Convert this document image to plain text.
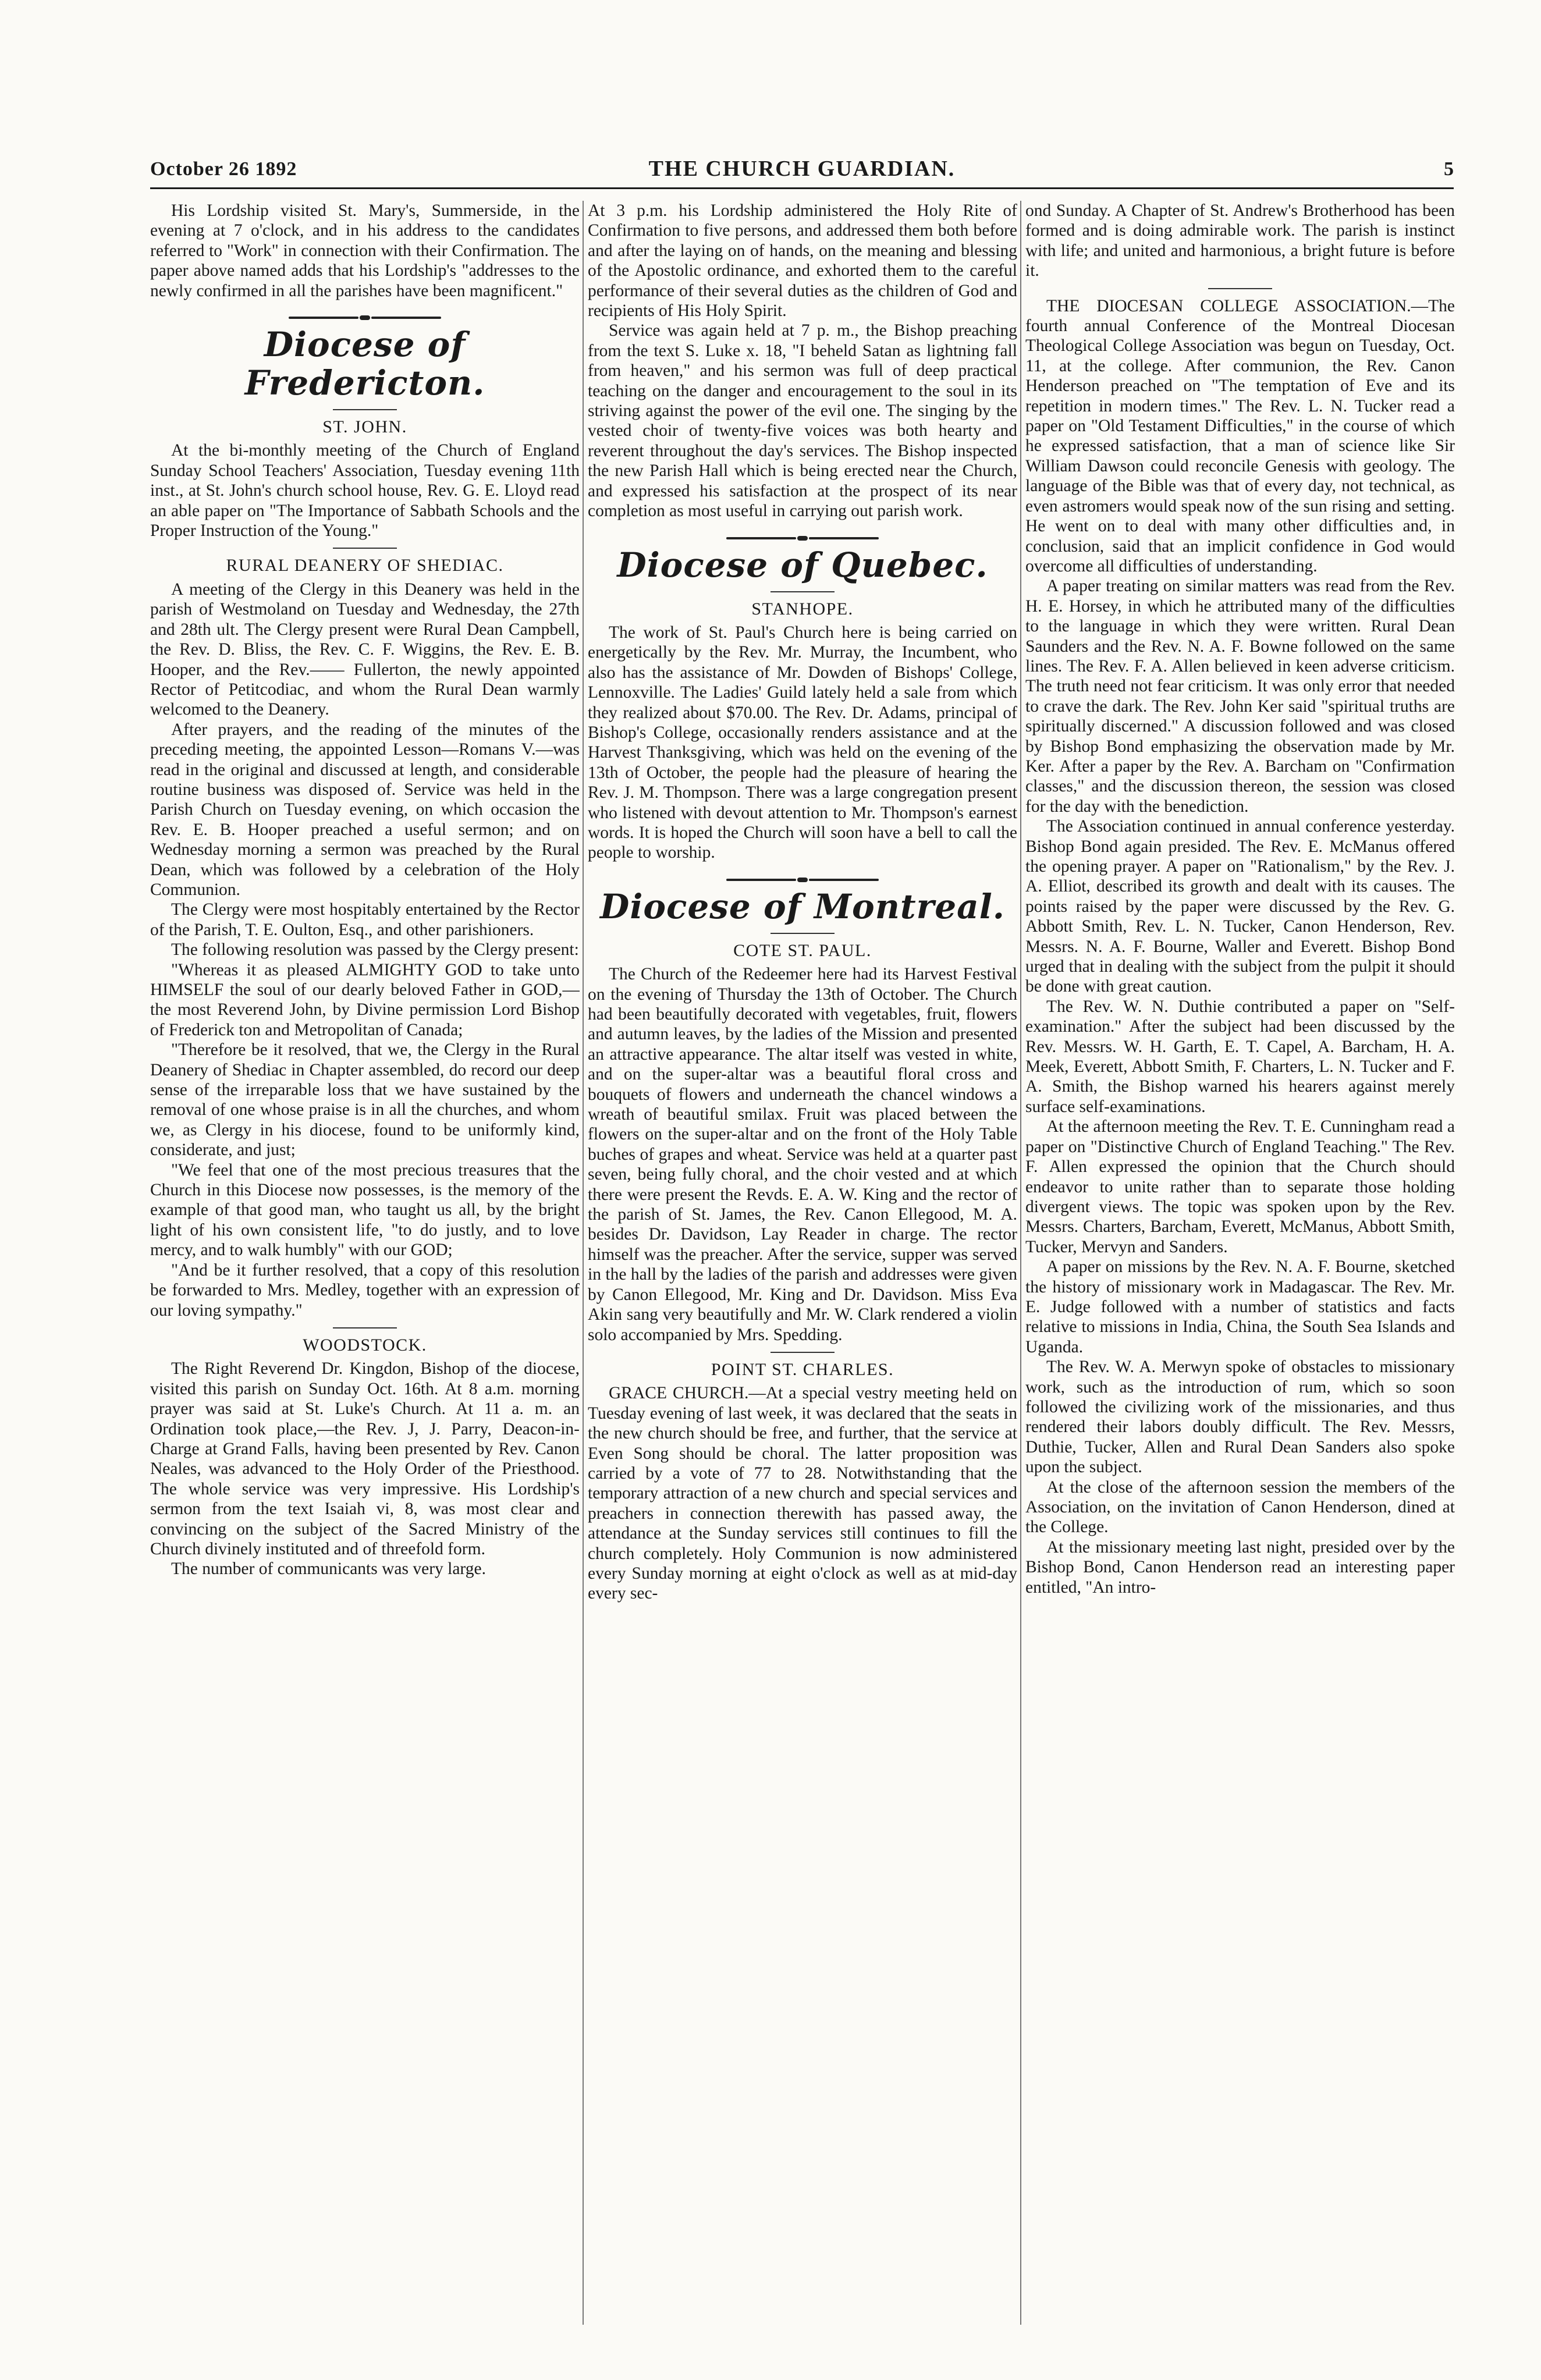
October 26 1892	THE CHURCH GUARDIAN.	5

His Lordship visited St. Mary's, Summerside, in the evening at 7 o'clock, and in his address to the candidates referred to "Work" in connection with their Confirmation. The paper above named adds that his Lordship's "addresses to the newly confirmed in all the parishes have been magnificent."

Diocese of Fredericton.
ST. JOHN.

At the bi-monthly meeting of the Church of England Sunday School Teachers' Association, Tuesday evening 11th inst., at St. John's church school house, Rev. G. E. Lloyd read an able paper on "The Importance of Sabbath Schools and the Proper Instruction of the Young."

RURAL DEANERY OF SHEDIAC.

A meeting of the Clergy in this Deanery was held in the parish of Westmoland on Tuesday and Wednesday, the 27th and 28th ult. The Clergy present were Rural Dean Campbell, the Rev. D. Bliss, the Rev. C. F. Wiggins, the Rev. E. B. Hooper, and the Rev.—— Fullerton, the newly appointed Rector of Petitcodiac, and whom the Rural Dean warmly welcomed to the Deanery.

After prayers, and the reading of the minutes of the preceding meeting, the appointed Lesson—Romans V.—was read in the original and discussed at length, and considerable routine business was disposed of. Service was held in the Parish Church on Tuesday evening, on which occasion the Rev. E. B. Hooper preached a useful sermon; and on Wednesday morning a sermon was preached by the Rural Dean, which was followed by a celebration of the Holy Communion.

The Clergy were most hospitably entertained by the Rector of the Parish, T. E. Oulton, Esq., and other parishioners.

The following resolution was passed by the Clergy present:

"Whereas it as pleased ALMIGHTY GOD to take unto HIMSELF the soul of our dearly beloved Father in GOD,—the most Reverend John, by Divine permission Lord Bishop of Frederick ton and Metropolitan of Canada;

"Therefore be it resolved, that we, the Clergy in the Rural Deanery of Shediac in Chapter assembled, do record our deep sense of the irreparable loss that we have sustained by the removal of one whose praise is in all the churches, and whom we, as Clergy in his diocese, found to be uniformly kind, considerate, and just;

"We feel that one of the most precious treasures that the Church in this Diocese now possesses, is the memory of the example of that good man, who taught us all, by the bright light of his own consistent life, "to do justly, and to love mercy, and to walk humbly" with our GOD;

"And be it further resolved, that a copy of this resolution be forwarded to Mrs. Medley, together with an expression of our loving sympathy."

WOODSTOCK.

The Right Reverend Dr. Kingdon, Bishop of the diocese, visited this parish on Sunday Oct. 16th. At 8 a.m. morning prayer was said at St. Luke's Church. At 11 a. m. an Ordination took place,—the Rev. J, J. Parry, Deacon-in-Charge at Grand Falls, having been presented by Rev. Canon Neales, was advanced to the Holy Order of the Priesthood. The whole service was very impressive. His Lordship's sermon from the text Isaiah vi, 8, was most clear and convincing on the subject of the Sacred Ministry of the Church divinely instituted and of threefold form.

The number of communicants was very large.

At 3 p.m. his Lordship administered the Holy Rite of Confirmation to five persons, and addressed them both before and after the laying on of hands, on the meaning and blessing of the Apostolic ordinance, and exhorted them to the careful performance of their several duties as the children of God and recipients of His Holy Spirit.

Service was again held at 7 p. m., the Bishop preaching from the text S. Luke x. 18, "I beheld Satan as lightning fall from heaven," and his sermon was full of deep practical teaching on the danger and encouragement to the soul in its striving against the power of the evil one. The singing by the vested choir of twenty-five voices was both hearty and reverent throughout the day's services. The Bishop inspected the new Parish Hall which is being erected near the Church, and expressed his satisfaction at the prospect of its near completion as most useful in carrying out parish work.

Diocese of Quebec.
STANHOPE.

The work of St. Paul's Church here is being carried on energetically by the Rev. Mr. Murray, the Incumbent, who also has the assistance of Mr. Dowden of Bishops' College, Lennoxville. The Ladies' Guild lately held a sale from which they realized about $70.00. The Rev. Dr. Adams, principal of Bishop's College, occasionally renders assistance and at the Harvest Thanksgiving, which was held on the evening of the 13th of October, the people had the pleasure of hearing the Rev. J. M. Thompson. There was a large congregation present who listened with devout attention to Mr. Thompson's earnest words. It is hoped the Church will soon have a bell to call the people to worship.

Diocese of Montreal.
COTE ST. PAUL.

The Church of the Redeemer here had its Harvest Festival on the evening of Thursday the 13th of October. The Church had been beautifully decorated with vegetables, fruit, flowers and autumn leaves, by the ladies of the Mission and presented an attractive appearance. The altar itself was vested in white, and on the super-altar was a beautiful floral cross and bouquets of flowers and underneath the chancel windows a wreath of beautiful smilax. Fruit was placed between the flowers on the super-altar and on the front of the Holy Table buches of grapes and wheat. Service was held at a quarter past seven, being fully choral, and the choir vested and at which there were present the Revds. E. A. W. King and the rector of the parish of St. James, the Rev. Canon Ellegood, M. A. besides Dr. Davidson, Lay Reader in charge. The rector himself was the preacher. After the service, supper was served in the hall by the ladies of the parish and addresses were given by Canon Ellegood, Mr. King and Dr. Davidson. Miss Eva Akin sang very beautifully and Mr. W. Clark rendered a violin solo accompanied by Mrs. Spedding.

POINT ST. CHARLES.

GRACE CHURCH.—At a special vestry meeting held on Tuesday evening of last week, it was declared that the seats in the new church should be free, and further, that the service at Even Song should be choral. The latter proposition was carried by a vote of 77 to 28. Notwithstanding that the temporary attraction of a new church and special services and preachers in connection therewith has passed away, the attendance at the Sunday services still continues to fill the church completely. Holy Communion is now administered every Sunday morning at eight o'clock as well as at mid-day every sec-

ond Sunday. A Chapter of St. Andrew's Brotherhood has been formed and is doing admirable work. The parish is instinct with life; and united and harmonious, a bright future is before it.

THE DIOCESAN COLLEGE ASSOCIATION.—The fourth annual Conference of the Montreal Diocesan Theological College Association was begun on Tuesday, Oct. 11, at the college. After communion, the Rev. Canon Henderson preached on "The temptation of Eve and its repetition in modern times." The Rev. L. N. Tucker read a paper on "Old Testament Difficulties," in the course of which he expressed satisfaction, that a man of science like Sir William Dawson could reconcile Genesis with geology. The language of the Bible was that of every day, not technical, as even astromers would speak now of the sun rising and setting. He went on to deal with many other difficulties and, in conclusion, said that an implicit confidence in God would overcome all difficulties of understanding.

A paper treating on similar matters was read from the Rev. H. E. Horsey, in which he attributed many of the difficulties to the language in which they were written. Rural Dean Saunders and the Rev. N. A. F. Bowne followed on the same lines. The Rev. F. A. Allen believed in keen adverse criticism. The truth need not fear criticism. It was only error that needed to crave the dark. The Rev. John Ker said "spiritual truths are spiritually discerned." A discussion followed and was closed by Bishop Bond emphasizing the observation made by Mr. Ker. After a paper by the Rev. A. Barcham on "Confirmation classes," and the discussion thereon, the session was closed for the day with the benediction.

The Association continued in annual conference yesterday. Bishop Bond again presided. The Rev. E. McManus offered the opening prayer. A paper on "Rationalism," by the Rev. J. A. Elliot, described its growth and dealt with its causes. The points raised by the paper were discussed by the Rev. G. Abbott Smith, Rev. L. N. Tucker, Canon Henderson, Rev. Messrs. N. A. F. Bourne, Waller and Everett. Bishop Bond urged that in dealing with the subject from the pulpit it should be done with great caution.

The Rev. W. N. Duthie contributed a paper on "Self-examination." After the subject had been discussed by the Rev. Messrs. W. H. Garth, E. T. Capel, A. Barcham, H. A. Meek, Everett, Abbott Smith, F. Charters, L. N. Tucker and F. A. Smith, the Bishop warned his hearers against merely surface self-examinations.

At the afternoon meeting the Rev. T. E. Cunningham read a paper on "Distinctive Church of England Teaching." The Rev. F. Allen expressed the opinion that the Church should endeavor to unite rather than to separate those holding divergent views. The topic was spoken upon by the Rev. Messrs. Charters, Barcham, Everett, McManus, Abbott Smith, Tucker, Mervyn and Sanders.

A paper on missions by the Rev. N. A. F. Bourne, sketched the history of missionary work in Madagascar. The Rev. Mr. E. Judge followed with a number of statistics and facts relative to missions in India, China, the South Sea Islands and Uganda.

The Rev. W. A. Merwyn spoke of obstacles to missionary work, such as the introduction of rum, which so soon followed the civilizing work of the missionaries, and thus rendered their labors doubly difficult. The Rev. Messrs, Duthie, Tucker, Allen and Rural Dean Sanders also spoke upon the subject.

At the close of the afternoon session the members of the Association, on the invitation of Canon Henderson, dined at the College.

At the missionary meeting last night, presided over by the Bishop Bond, Canon Henderson read an interesting paper entitled, "An intro-
